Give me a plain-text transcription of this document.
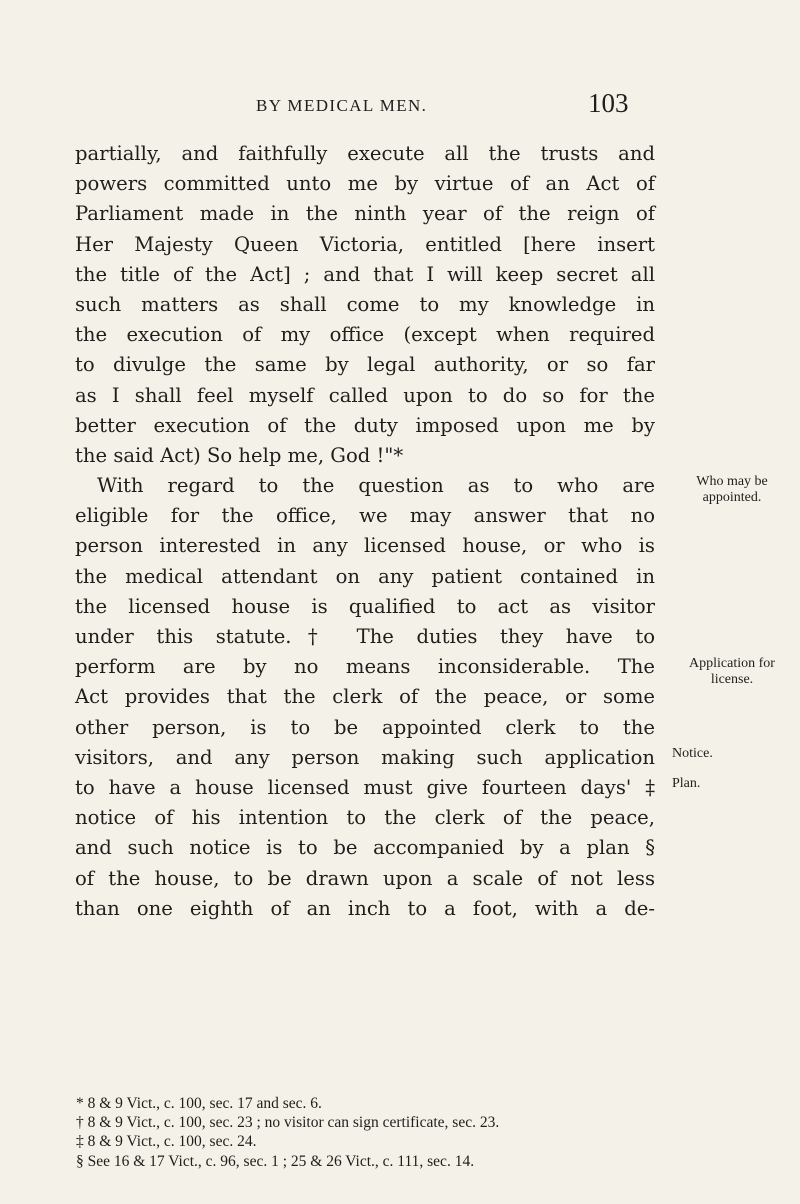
BY MEDICAL MEN.	103
partially, and faithfully execute all the trusts and
powers committed unto me by virtue of an Act of
Parliament made in the ninth year of the reign of
Her Majesty Queen Victoria, entitled [here insert
the title of the Act] ; and that I will keep secret all
such matters as shall come to my knowledge in
the execution of my office (except when required
to divulge the same by legal authority, or so far
as I shall feel myself called upon to do so for the
better execution of the duty imposed upon me by
the said Act) So help me, God !"*
With regard to the question as to who are
eligible for the office, we may answer that no
person interested in any licensed house, or who is
the medical attendant on any patient contained in
the licensed house is qualified to act as visitor
under this statute.† The duties they have to
perform are by no means inconsiderable. The
Act provides that the clerk of the peace, or some
other person, is to be appointed clerk to the
visitors, and any person making such application
to have a house licensed must give fourteen days' ‡
notice of his intention to the clerk of the peace,
and such notice is to be accompanied by a plan §
of the house, to be drawn upon a scale of not less
than one eighth of an inch to a foot, with a de-
Who may be appointed.
Application for license.
Notice.
Plan.
* 8 & 9 Vict., c. 100, sec. 17 and sec. 6.
† 8 & 9 Vict., c. 100, sec. 23 ; no visitor can sign certificate, sec. 23.
‡ 8 & 9 Vict., c. 100, sec. 24.
§ See 16 & 17 Vict., c. 96, sec. 1 ; 25 & 26 Vict., c. 111, sec. 14.
